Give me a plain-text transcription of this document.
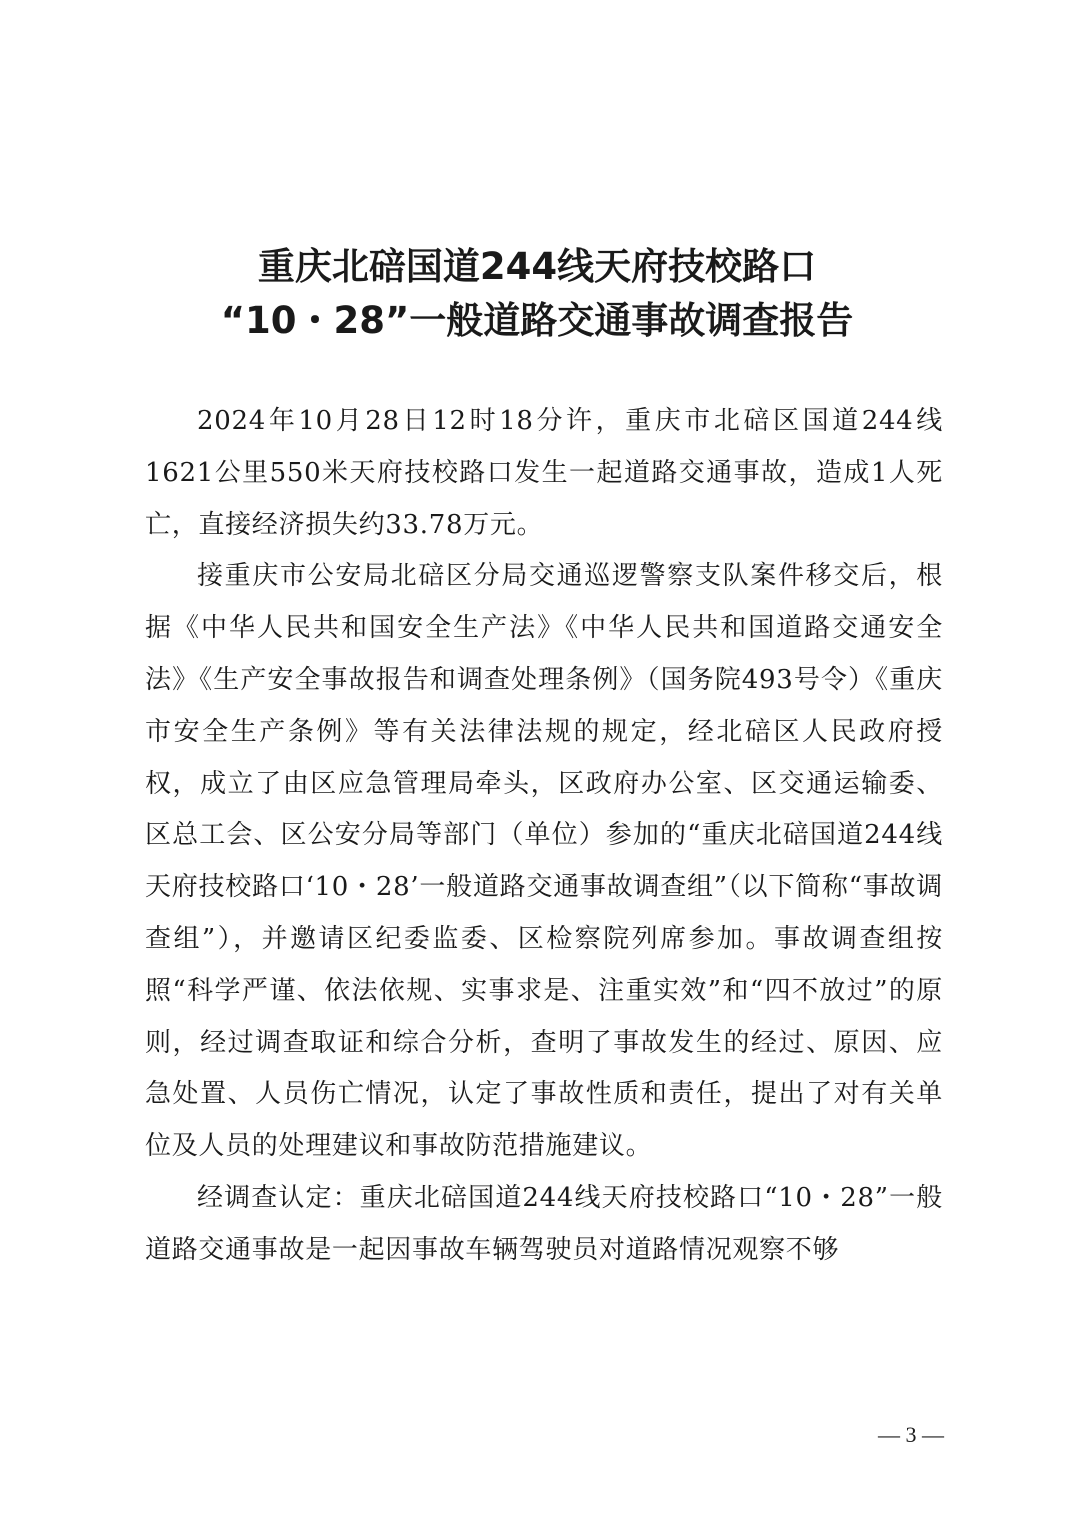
重庆北碚国道244线天府技校路口
“10・28”一般道路交通事故调查报告

2024年10月28日12时18分许，重庆市北碚区国道244线1621公里550米天府技校路口发生一起道路交通事故，造成1人死亡，直接经济损失约33.78万元。

接重庆市公安局北碚区分局交通巡逻警察支队案件移交后，根据《中华人民共和国安全生产法》《中华人民共和国道路交通安全法》《生产安全事故报告和调查处理条例》（国务院493号令）《重庆市安全生产条例》等有关法律法规的规定，经北碚区人民政府授权，成立了由区应急管理局牵头，区政府办公室、区交通运输委、区总工会、区公安分局等部门（单位）参加的“重庆北碚国道244线天府技校路口‘10・28’一般道路交通事故调查组”（以下简称“事故调查组”），并邀请区纪委监委、区检察院列席参加。事故调查组按照“科学严谨、依法依规、实事求是、注重实效”和“四不放过”的原则，经过调查取证和综合分析，查明了事故发生的经过、原因、应急处置、人员伤亡情况，认定了事故性质和责任，提出了对有关单位及人员的处理建议和事故防范措施建议。

经调查认定：重庆北碚国道244线天府技校路口“10・28”一般道路交通事故是一起因事故车辆驾驶员对道路情况观察不够

— 3 —
